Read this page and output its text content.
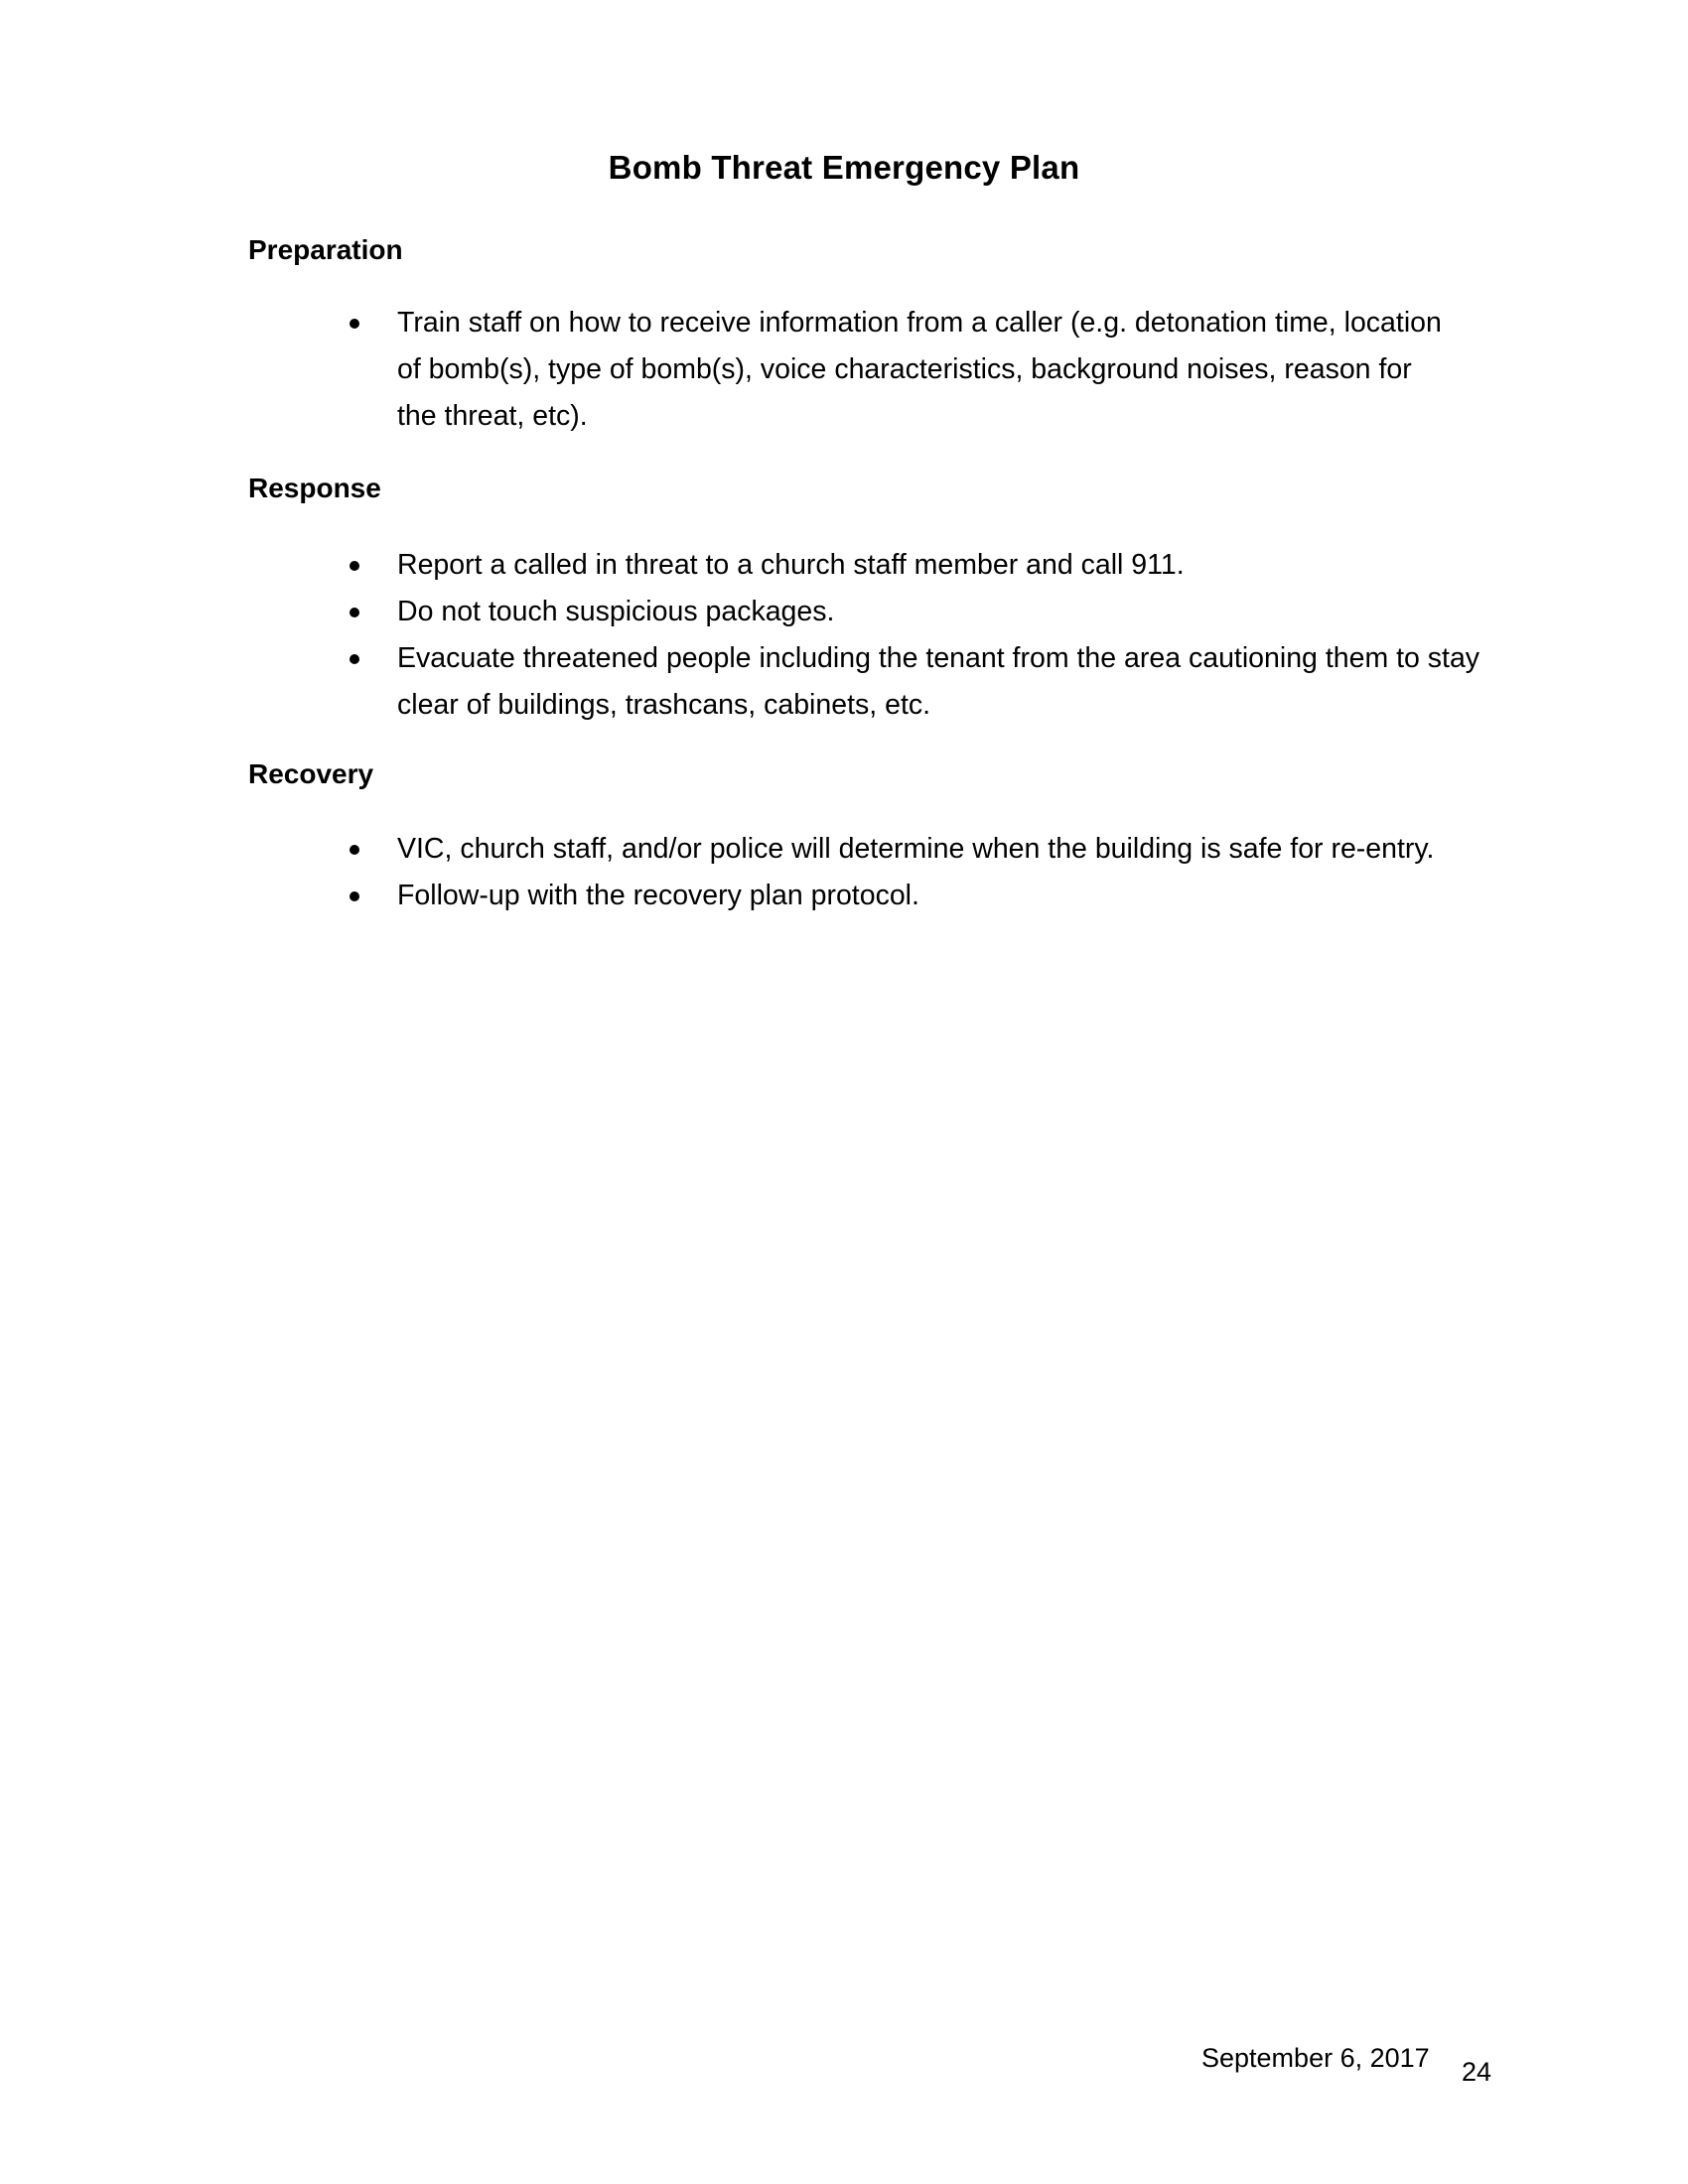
Bomb Threat Emergency Plan
Preparation
Train staff on how to receive information from a caller (e.g. detonation time, location of bomb(s), type of bomb(s), voice characteristics, background noises, reason for the threat, etc).
Response
Report a called in threat to a church staff member and call 911.
Do not touch suspicious packages.
Evacuate threatened people including the tenant from the area cautioning them to stay clear of buildings, trashcans, cabinets, etc.
Recovery
VIC, church staff, and/or police will determine when the building is safe for re-entry.
Follow-up with the recovery plan protocol.

September 6, 2017 24
